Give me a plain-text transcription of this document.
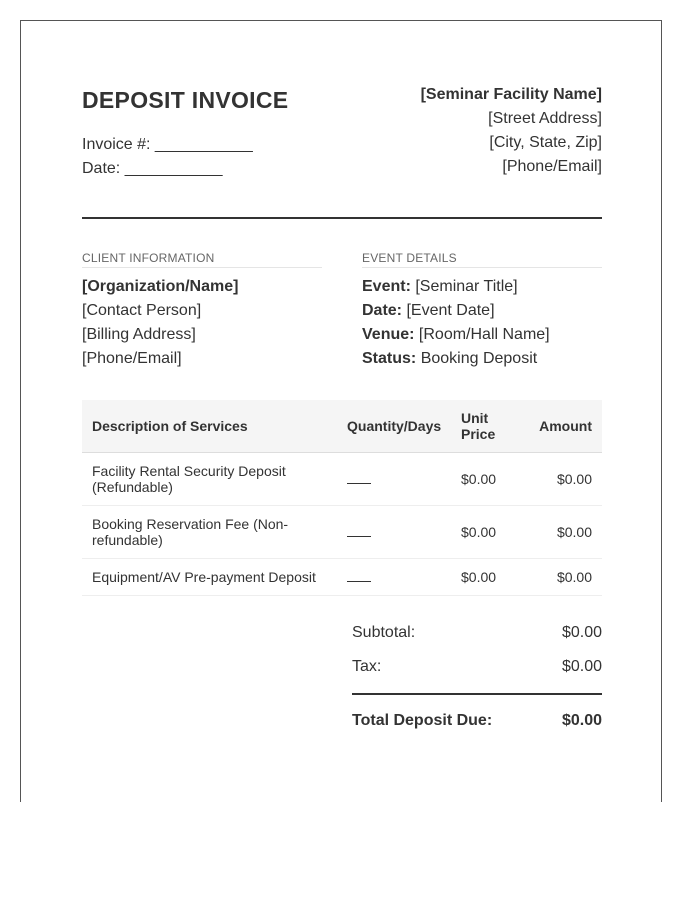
DEPOSIT INVOICE
Invoice #: ___________
Date: ___________
[Seminar Facility Name]
[Street Address]
[City, State, Zip]
[Phone/Email]
CLIENT INFORMATION
[Organization/Name]
[Contact Person]
[Billing Address]
[Phone/Email]
EVENT DETAILS
Event: [Seminar Title]
Date: [Event Date]
Venue: [Room/Hall Name]
Status: Booking Deposit
Description of Services	Quantity/Days	Unit Price	Amount

Facility Rental Security Deposit (Refundable)		$0.00	$0.00

Booking Reservation Fee (Non-refundable)		$0.00	$0.00

Equipment/AV Pre-payment Deposit		$0.00	$0.00
Subtotal:	$0.00
Tax:	$0.00
Total Deposit Due:	$0.00
